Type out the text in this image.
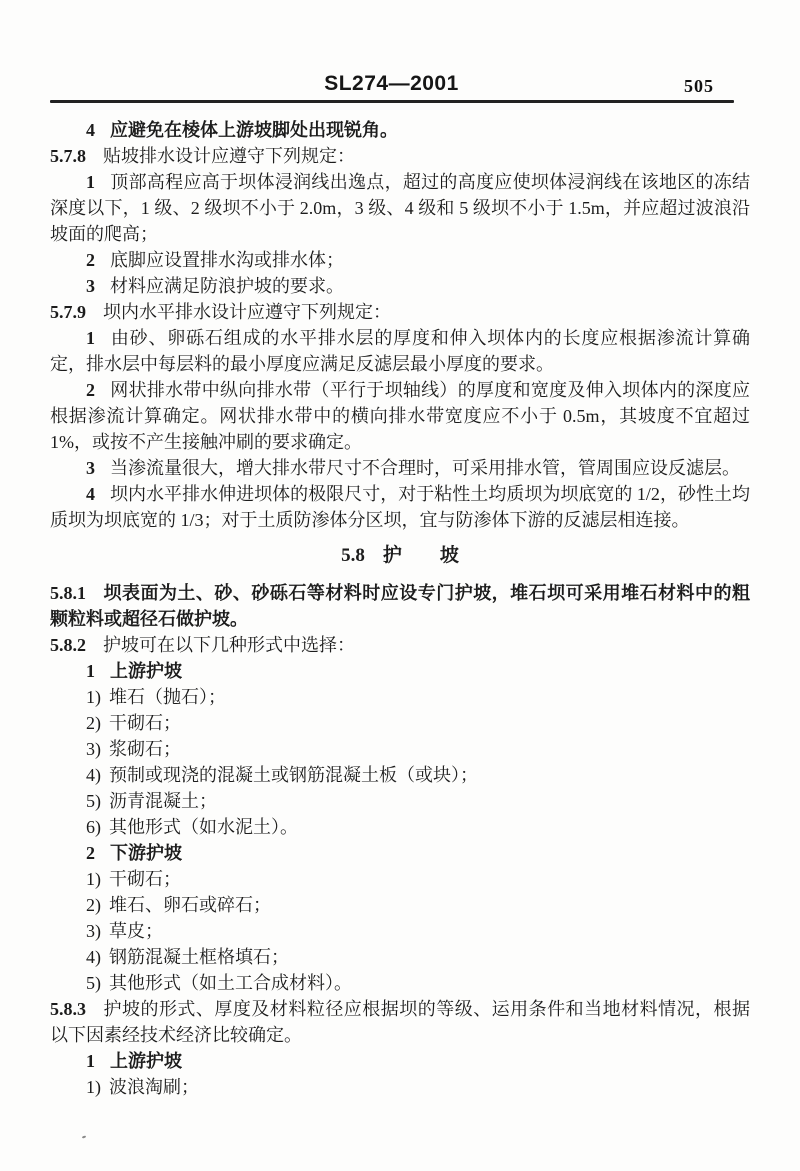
SL274—2001	505
4 应避免在棱体上游坡脚处出现锐角。
5.7.8 贴坡排水设计应遵守下列规定：
1 顶部高程应高于坝体浸润线出逸点，超过的高度应使坝体浸润线在该地区的冻结深度以下，1 级、2 级坝不小于 2.0m，3 级、4 级和 5 级坝不小于 1.5m，并应超过波浪沿坡面的爬高；
2 底脚应设置排水沟或排水体；
3 材料应满足防浪护坡的要求。
5.7.9 坝内水平排水设计应遵守下列规定：
1 由砂、卵砾石组成的水平排水层的厚度和伸入坝体内的长度应根据渗流计算确定，排水层中每层料的最小厚度应满足反滤层最小厚度的要求。
2 网状排水带中纵向排水带（平行于坝轴线）的厚度和宽度及伸入坝体内的深度应根据渗流计算确定。网状排水带中的横向排水带宽度应不小于 0.5m，其坡度不宜超过 1%，或按不产生接触冲刷的要求确定。
3 当渗流量很大，增大排水带尺寸不合理时，可采用排水管，管周围应设反滤层。
4 坝内水平排水伸进坝体的极限尺寸，对于粘性土均质坝为坝底宽的 1/2，砂性土均质坝为坝底宽的 1/3；对于土质防渗体分区坝，宜与防渗体下游的反滤层相连接。
5.8 护　　坡
5.8.1 坝表面为土、砂、砂砾石等材料时应设专门护坡，堆石坝可采用堆石材料中的粗颗粒料或超径石做护坡。
5.8.2 护坡可在以下几种形式中选择：
1 上游护坡
1) 堆石（抛石）；
2) 干砌石；
3) 浆砌石；
4) 预制或现浇的混凝土或钢筋混凝土板（或块）；
5) 沥青混凝土；
6) 其他形式（如水泥土）。
2 下游护坡
1) 干砌石；
2) 堆石、卵石或碎石；
3) 草皮；
4) 钢筋混凝土框格填石；
5) 其他形式（如土工合成材料）。
5.8.3 护坡的形式、厚度及材料粒径应根据坝的等级、运用条件和当地材料情况，根据以下因素经技术经济比较确定。
1 上游护坡
1) 波浪淘刷；
